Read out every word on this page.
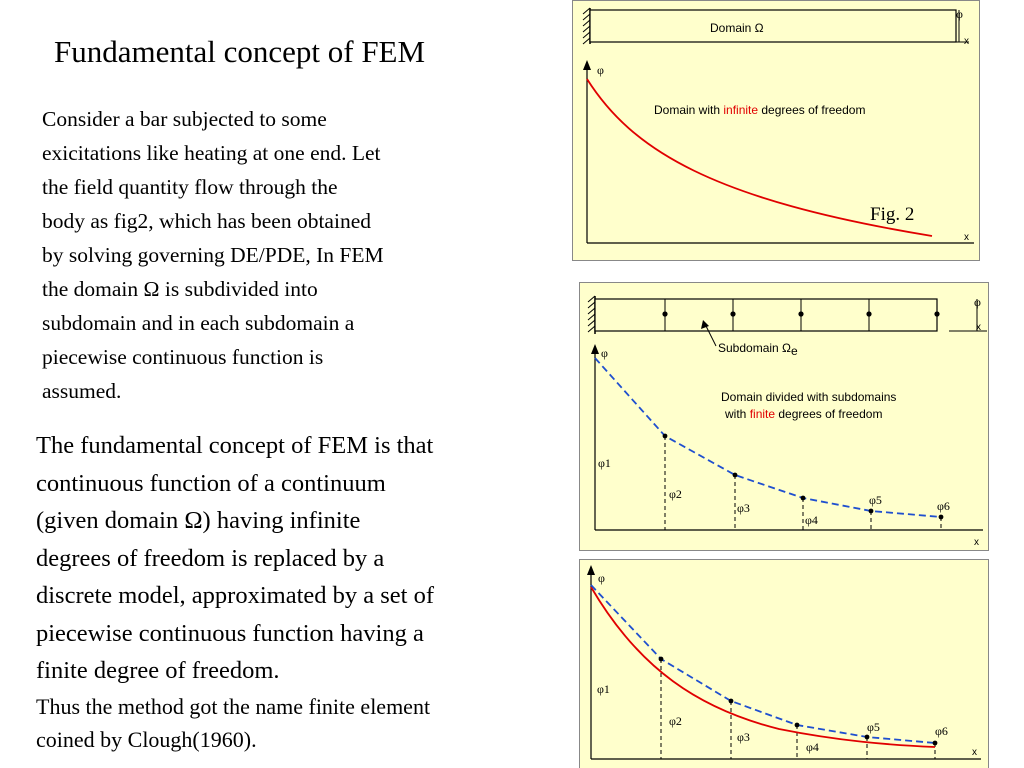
Fundamental concept of FEM
Consider a bar subjected to some
exicitations like heating at one end. Let
the field quantity flow through the
body as fig2, which has been obtained
by solving governing DE/PDE, In FEM
the domain Ω is subdivided into
subdomain and in each subdomain a
piecewise continuous function is
assumed.
The fundamental concept of FEM is that
continuous function of a continuum
(given domain Ω) having infinite
degrees of freedom is replaced by a
discrete model, approximated by a set of
piecewise continuous function having a
finite degree of freedom.
Thus the method got the name finite element
coined by Clough(1960).
Domain Ω
φ
x
φ
x
Domain with infinite degrees of freedom
Fig. 2
φ
x
Subdomain Ωe
φ
x
Domain divided with subdomains
with finite degrees of freedom
φ1
φ2
φ3
φ4
φ5	φ6
φ
x
φ1
φ2
φ3
φ4
φ5	φ6
